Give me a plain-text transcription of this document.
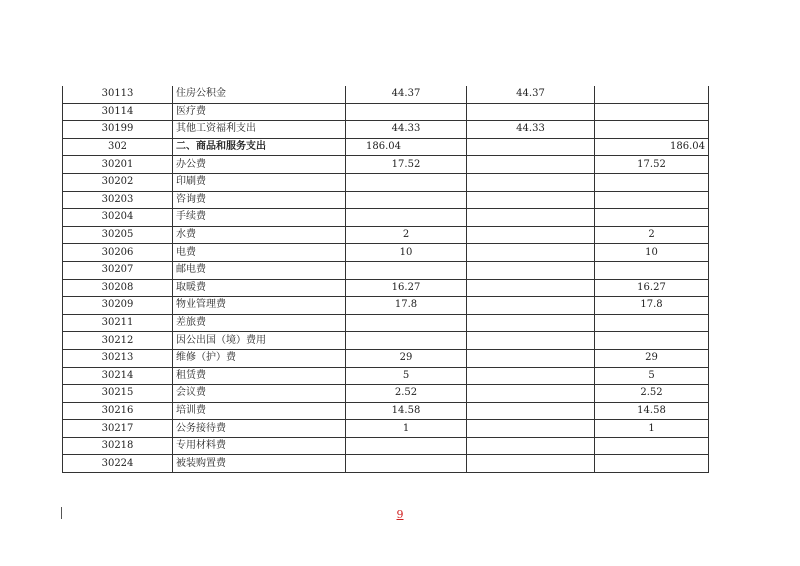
30113	住房公积金	44.37	44.37	
30114	医疗费			
30199	其他工资福利支出	44.33	44.33	
302	二、商品和服务支出	186.04		186.04
30201	办公费	17.52		17.52
30202	印刷费			
30203	咨询费			
30204	手续费			
30205	水费	2		2
30206	电费	10		10
30207	邮电费			
30208	取暖费	16.27		16.27
30209	物业管理费	17.8		17.8
30211	差旅费			
30212	因公出国（境）费用			
30213	维修（护）费	29		29
30214	租赁费	5		5
30215	会议费	2.52		2.52
30216	培训费	14.58		14.58
30217	公务接待费	1		1
30218	专用材料费			
30224	被装购置费			
9
